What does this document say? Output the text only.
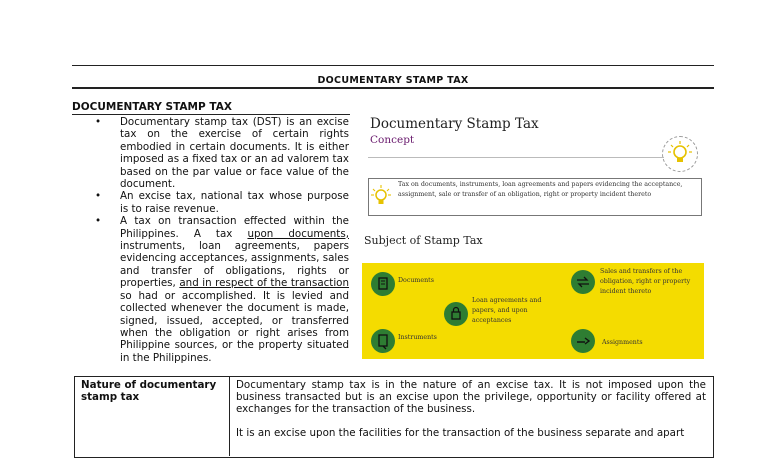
DOCUMENTARY STAMP TAX
DOCUMENTARY STAMP TAX
• Documentary stamp tax (DST) is an excise tax on the exercise of certain rights embodied in certain documents. It is either imposed as a fixed tax or an ad valorem tax based on the par value or face value of the document.
• An excise tax, national tax whose purpose is to raise revenue.
• A tax on transaction effected within the Philippines. A tax upon documents, instruments, loan agreements, papers evidencing acceptances, assignments, sales and transfer of obligations, rights or properties, and in respect of the transaction so had or accomplished. It is levied and collected whenever the document is made, signed, issued, accepted, or transferred when the obligation or right arises from Philippine sources, or the property situated in the Philippines.
Documentary Stamp Tax
Concept
Tax on documents, instruments, loan agreements and papers evidencing the acceptance, assignment, sale or transfer of an obligation, right or property incident thereto
Subject of Stamp Tax
Documents
Loan agreements and papers, and upon acceptances
Sales and transfers of the obligation, right or property incident thereto
Instruments
Assignments
Nature of documentary stamp tax

Documentary stamp tax is in the nature of an excise tax. It is not imposed upon the business transacted but is an excise upon the privilege, opportunity or facility offered at exchanges for the transaction of the business.

It is an excise upon the facilities for the transaction of the business separate and apart
